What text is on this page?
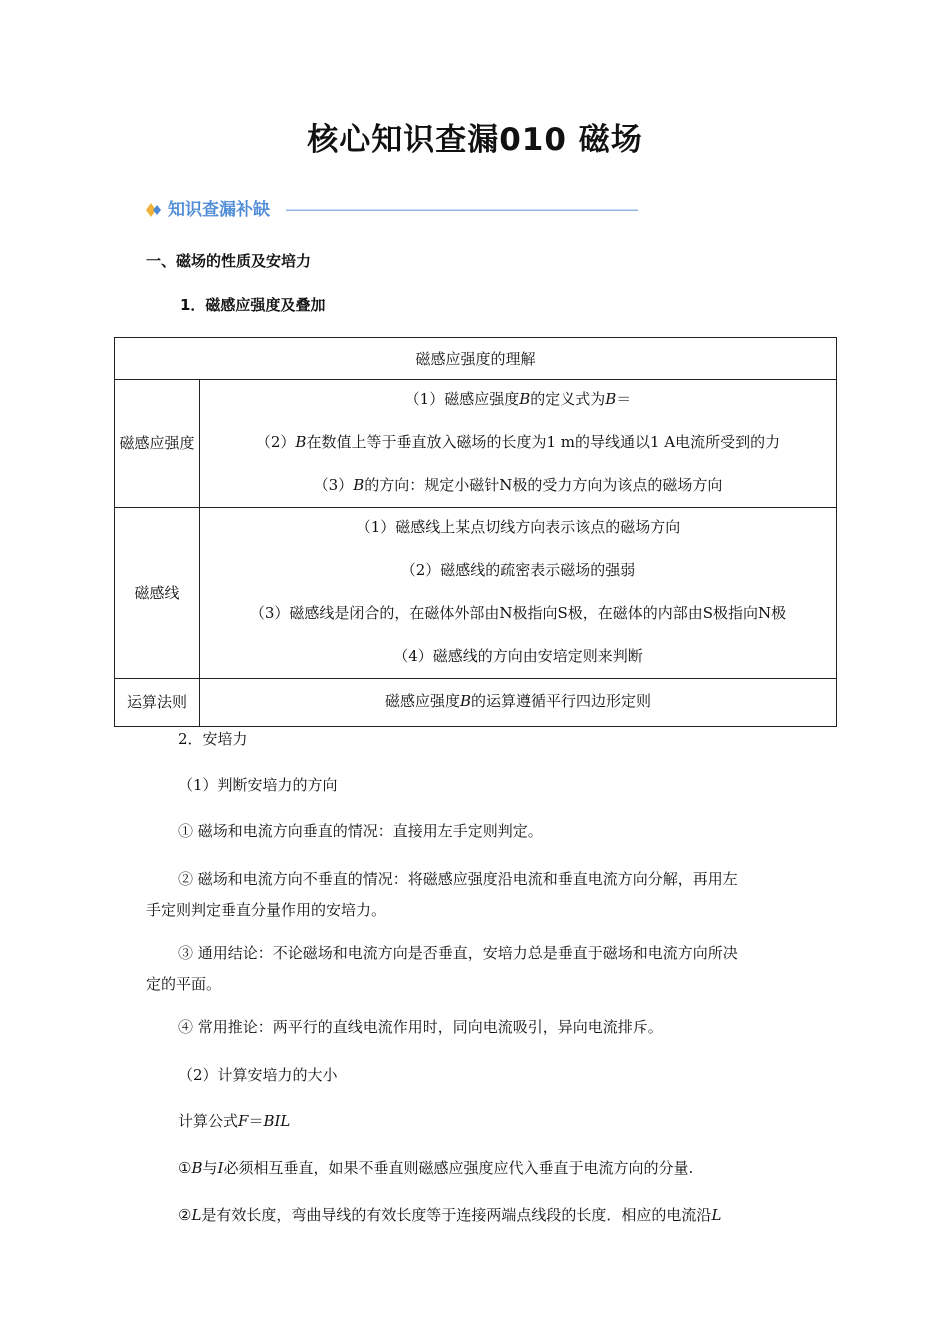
核心知识查漏010 磁场
知识查漏补缺
一、磁场的性质及安培力
1．磁感应强度及叠加
磁感应强度的理解	
磁感应强度	（1）磁感应强度B的定义式为B＝
（2）B在数值上等于垂直放入磁场的长度为1 m的导线通以1 A电流所受到的力
（3）B的方向：规定小磁针N极的受力方向为该点的磁场方向

磁感线	（1）磁感线上某点切线方向表示该点的磁场方向
（2）磁感线的疏密表示磁场的强弱
（3）磁感线是闭合的，在磁体外部由N极指向S极，在磁体的内部由S极指向N极
（4）磁感线的方向由安培定则来判断

运算法则	磁感应强度B的运算遵循平行四边形定则
2．安培力
（1）判断安培力的方向
① 磁场和电流方向垂直的情况：直接用左手定则判定。
② 磁场和电流方向不垂直的情况：将磁感应强度沿电流和垂直电流方向分解，再用左
手定则判定垂直分量作用的安培力。
③ 通用结论：不论磁场和电流方向是否垂直，安培力总是垂直于磁场和电流方向所决
定的平面。
④ 常用推论：两平行的直线电流作用时，同向电流吸引，异向电流排斥。
（2）计算安培力的大小
计算公式F＝BIL
①B与I必须相互垂直，如果不垂直则磁感应强度应代入垂直于电流方向的分量.
②L是有效长度，弯曲导线的有效长度等于连接两端点线段的长度．相应的电流沿L
